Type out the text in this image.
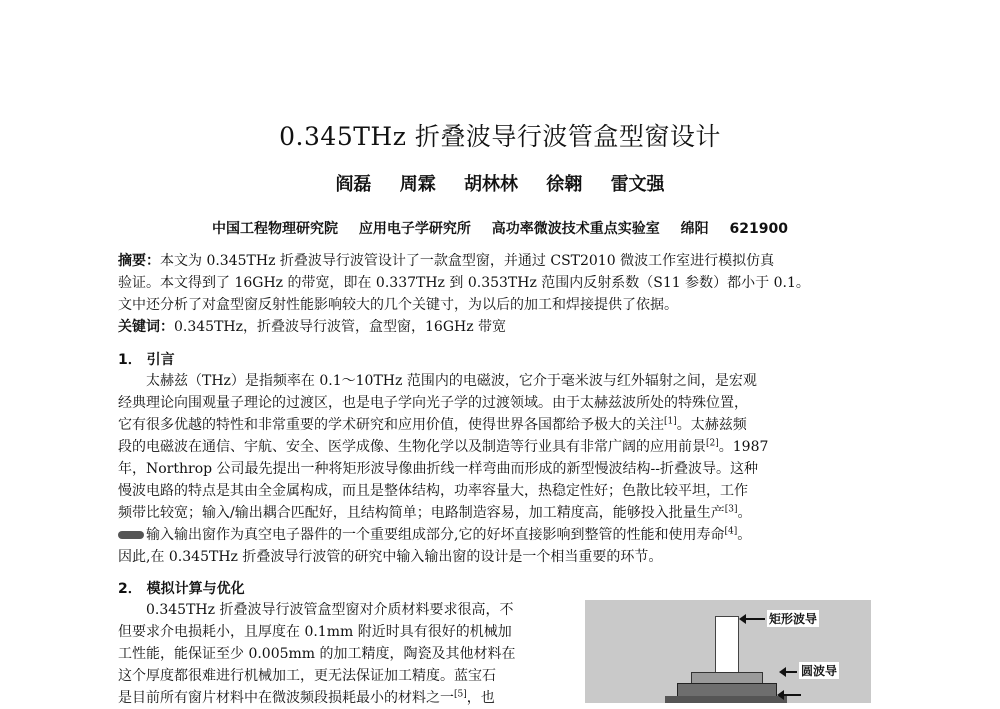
0.345THz 折叠波导行波管盒型窗设计
阎磊 周霖 胡林林 徐翱 雷文强
中国工程物理研究院 应用电子学研究所 高功率微波技术重点实验室 绵阳 621900
摘要：本文为 0.345THz 折叠波导行波管设计了一款盒型窗，并通过 CST2010 微波工作室进行模拟仿真
验证。本文得到了 16GHz 的带宽，即在 0.337THz 到 0.353THz 范围内反射系数（S11 参数）都小于 0.1。
文中还分析了对盒型窗反射性能影响较大的几个关键寸，为以后的加工和焊接提供了依据。
关键词：0.345THz，折叠波导行波管，盒型窗，16GHz 带宽
1． 引言
太赫兹（THz）是指频率在 0.1～10THz 范围内的电磁波，它介于毫米波与红外辐射之间，是宏观
经典理论向围观量子理论的过渡区，也是电子学向光子学的过渡领域。由于太赫兹波所处的特殊位置，
它有很多优越的特性和非常重要的学术研究和应用价值，使得世界各国都给予极大的关注[1]。太赫兹频
段的电磁波在通信、宇航、安全、医学成像、生物化学以及制造等行业具有非常广阔的应用前景[2]。1987
年，Northrop 公司最先提出一种将矩形波导像曲折线一样弯曲而形成的新型慢波结构--折叠波导。这种
慢波电路的特点是其由全金属构成，而且是整体结构，功率容量大，热稳定性好；色散比较平坦，工作
频带比较宽；输入/输出耦合匹配好，且结构简单；电路制造容易，加工精度高，能够投入批量生产[3]。
输入输出窗作为真空电子器件的一个重要组成部分,它的好坏直接影响到整管的性能和使用寿命[4]。
因此,在 0.345THz 折叠波导行波管的研究中输入输出窗的设计是一个相当重要的环节。
2． 模拟计算与优化
0.345THz 折叠波导行波管盒型窗对介质材料要求很高，不
但要求介电损耗小，且厚度在 0.1mm 附近时具有很好的机械加
工性能，能保证至少 0.005mm 的加工精度，陶瓷及其他材料在
这个厚度都很难进行机械加工，更无法保证加工精度。蓝宝石
是目前所有窗片材料中在微波频段损耗最小的材料之一[5]，也
矩形波导
圆波导
